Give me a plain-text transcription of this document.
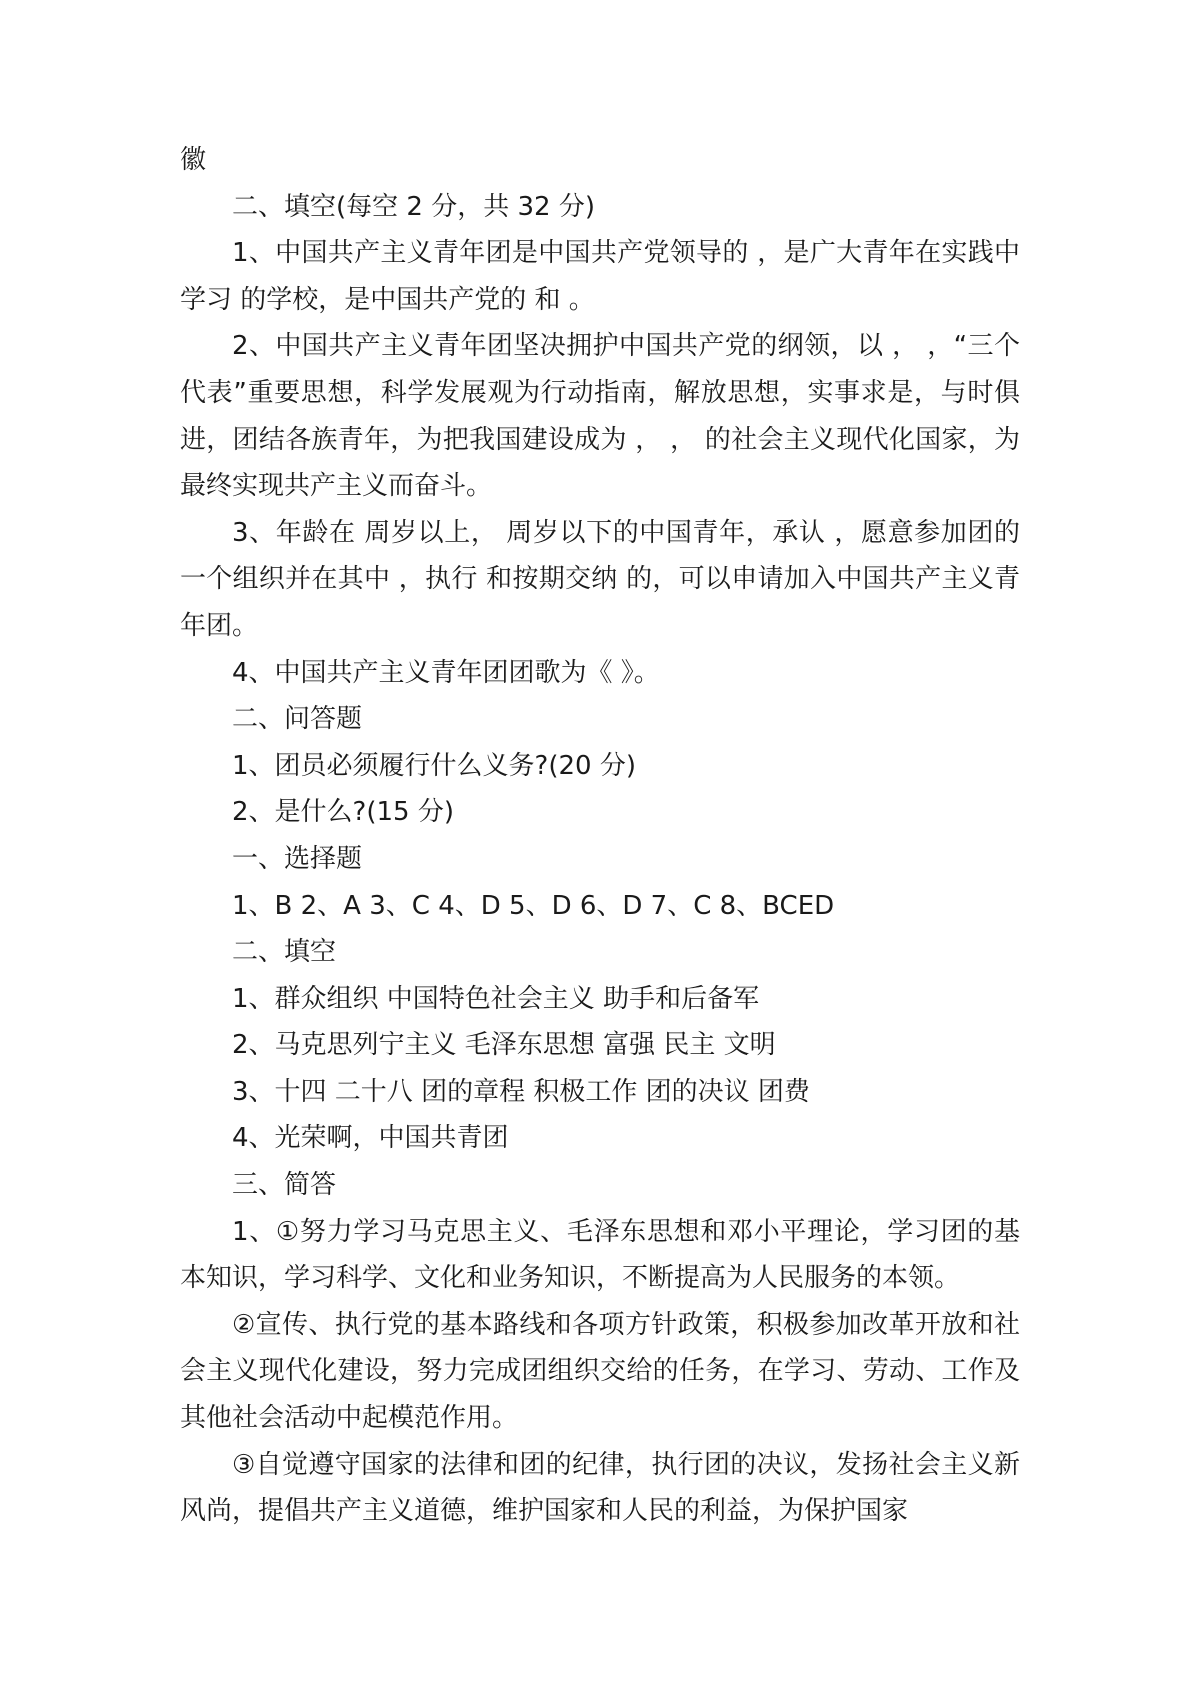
徽

二、填空(每空 2 分，共 32 分)

1、中国共产主义青年团是中国共产党领导的 ，是广大青年在实践中学习 的学校，是中国共产党的 和 。

2、中国共产主义青年团坚决拥护中国共产党的纲领，以 ， ，“三个代表”重要思想，科学发展观为行动指南，解放思想，实事求是，与时俱进，团结各族青年，为把我国建设成为 ， ， 的社会主义现代化国家，为最终实现共产主义而奋斗。

3、年龄在 周岁以上， 周岁以下的中国青年，承认 ，愿意参加团的一个组织并在其中 ，执行 和按期交纳 的，可以申请加入中国共产主义青年团。

4、中国共产主义青年团团歌为《 》。

二、问答题

1、团员必须履行什么义务?(20 分)

2、是什么?(15 分)

一、选择题

1、B 2、A 3、C 4、D 5、D 6、D 7、C 8、BCED

二、填空

1、群众组织 中国特色社会主义 助手和后备军

2、马克思列宁主义 毛泽东思想 富强 民主 文明

3、十四 二十八 团的章程 积极工作 团的决议 团费

4、光荣啊，中国共青团

三、简答

1、①努力学习马克思主义、毛泽东思想和邓小平理论，学习团的基本知识，学习科学、文化和业务知识，不断提高为人民服务的本领。

②宣传、执行党的基本路线和各项方针政策，积极参加改革开放和社会主义现代化建设，努力完成团组织交给的任务，在学习、劳动、工作及其他社会活动中起模范作用。

③自觉遵守国家的法律和团的纪律，执行团的决议，发扬社会主义新风尚，提倡共产主义道德，维护国家和人民的利益，为保护国家
